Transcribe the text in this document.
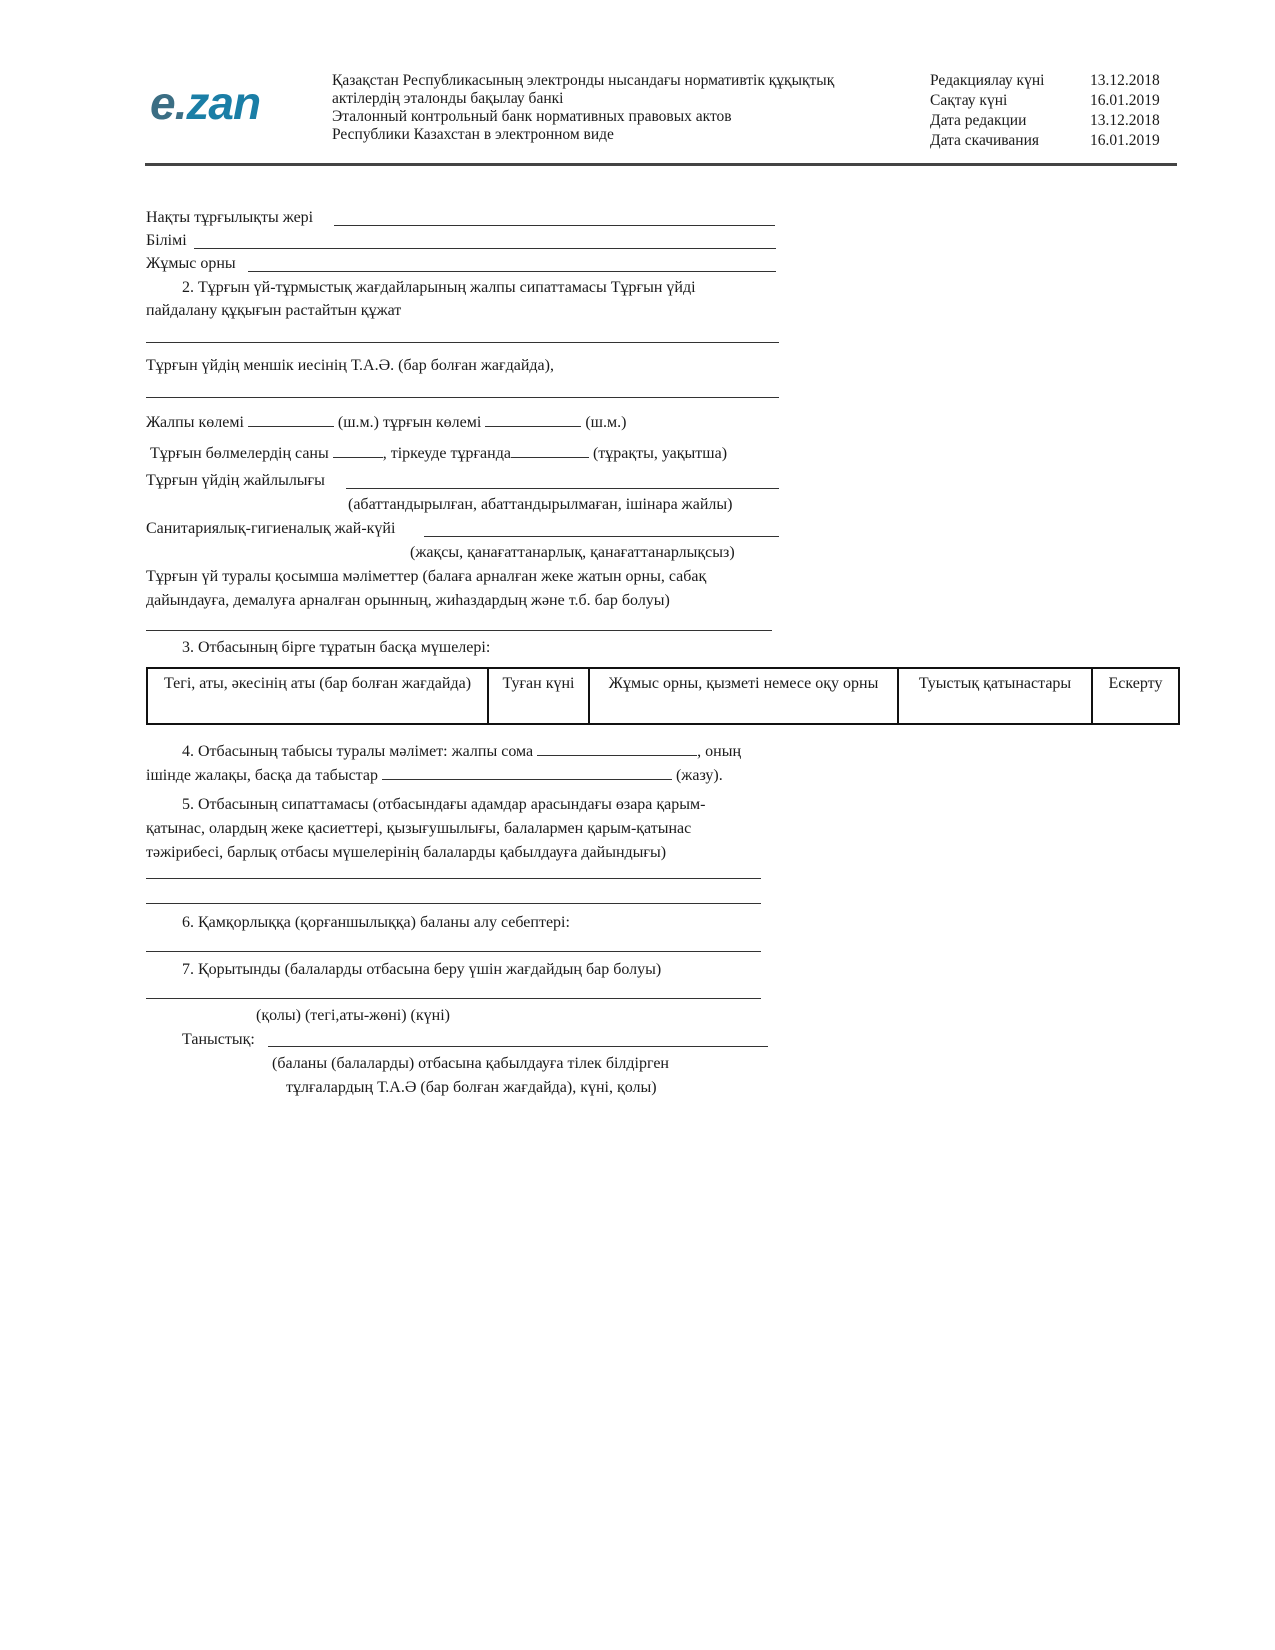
e.zan	Қазақстан Республикасының электронды нысандағы нормативтік құқықтық
актілердің эталонды бақылау банкі
Эталонный контрольный банк нормативных правовых актов
Республики Казахстан в электронном виде
Редакциялау күні	13.12.2018
Сақтау күні	16.01.2019
Дата редакции	13.12.2018
Дата скачивания	16.01.2019
Нақты тұрғылықты жері
Білімі
Жұмыс орны
2. Тұрғын үй-тұрмыстық жағдайларының жалпы сипаттамасы Тұрғын үйді
пайдалану құқығын растайтын құжат
Тұрғын үйдің меншік иесінің Т.А.Ә. (бар болған жағдайда),
Жалпы көлемі	(ш.м.) тұрғын көлемі	(ш.м.)
Тұрғын бөлмелердің саны	, тіркеуде тұрғанда	(тұрақты, уақытша)
Тұрғын үйдің жайлылығы
(абаттандырылған, абаттандырылмаған, ішінара жайлы)
Санитариялық-гигиеналық жай-күйі
(жақсы, қанағаттанарлық, қанағаттанарлықсыз)
Тұрғын үй туралы қосымша мәліметтер (балаға арналған жеке жатын орны, сабақ
дайындауға, демалуға арналған орынның, жиһаздардың және т.б. бар болуы)
3. Отбасының бірге тұратын басқа мүшелері:
Тегі, аты, әкесінің аты (бар болған жағдайда)	Туған күні	Жұмыс орны, қызметі немесе оқу орны	Туыстық қатынастары	Ескерту
4. Отбасының табысы туралы мәлімет: жалпы сома	, оның
ішінде жалақы, басқа да табыстар	(жазу).
5. Отбасының сипаттамасы (отбасындағы адамдар арасындағы өзара қарым-
қатынас, олардың жеке қасиеттері, қызығушылығы, балалармен қарым-қатынас
тәжірибесі, барлық отбасы мүшелерінің балаларды қабылдауға дайындығы)
6. Қамқорлыққа (қорғаншылыққа) баланы алу себептері:
7. Қорытынды (балаларды отбасына беру үшін жағдайдың бар болуы)
(қолы) (тегі,аты-жөні) (күні)
Таныстық:
(баланы (балаларды) отбасына қабылдауға тілек білдірген
тұлғалардың Т.А.Ә (бар болған жағдайда), күні, қолы)
